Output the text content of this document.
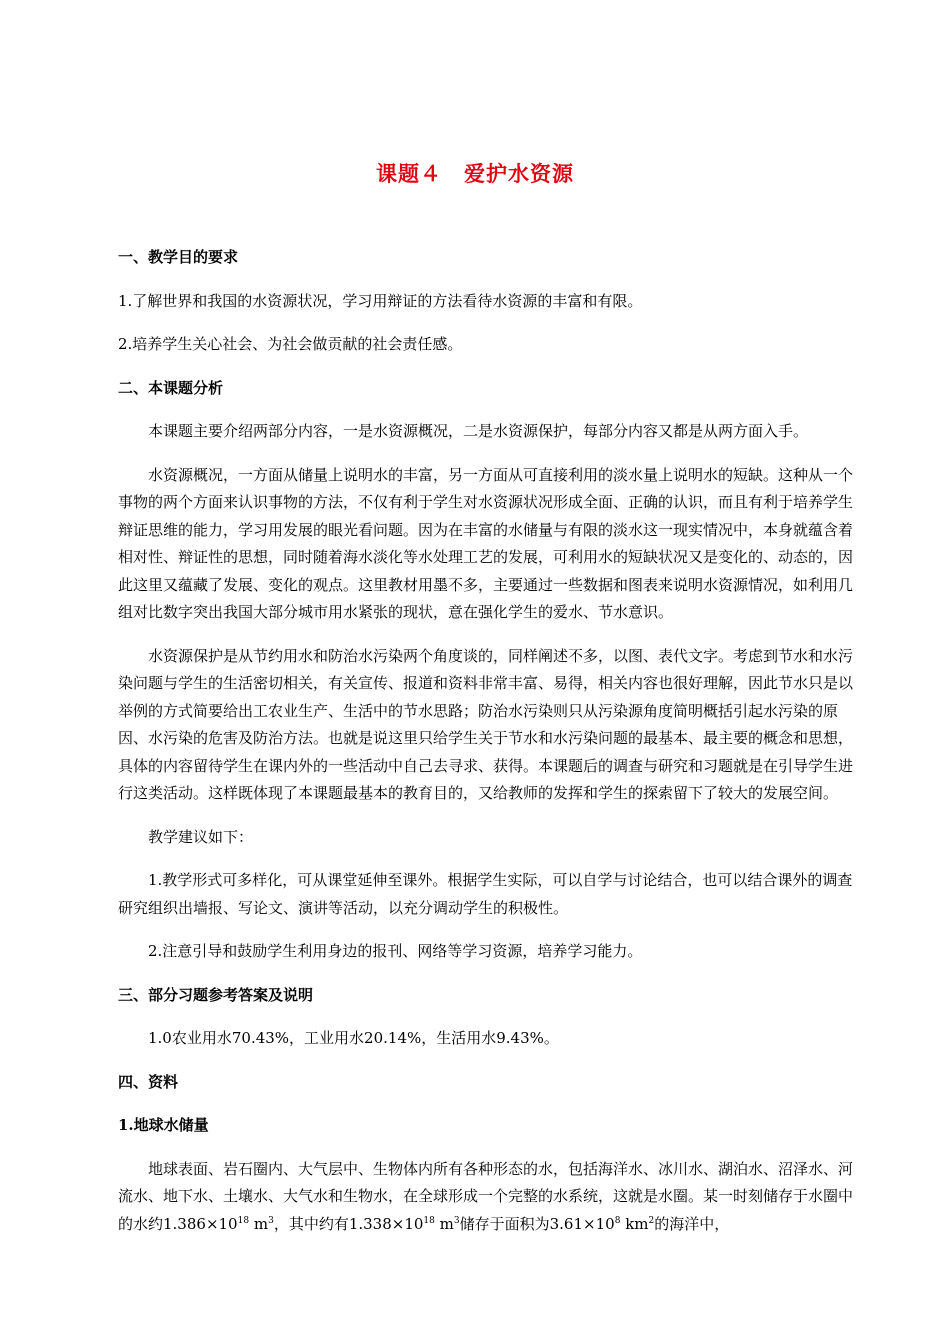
课题４　爱护水资源
一、教学目的要求
1.了解世界和我国的水资源状况，学习用辩证的方法看待水资源的丰富和有限。
2.培养学生关心社会、为社会做贡献的社会责任感。
二、本课题分析
本课题主要介绍两部分内容，一是水资源概况，二是水资源保护，每部分内容又都是从两方面入手。
水资源概况，一方面从储量上说明水的丰富，另一方面从可直接利用的淡水量上说明水的短缺。这种从一个事物的两个方面来认识事物的方法，不仅有利于学生对水资源状况形成全面、正确的认识，而且有利于培养学生辩证思维的能力，学习用发展的眼光看问题。因为在丰富的水储量与有限的淡水这一现实情况中，本身就蕴含着相对性、辩证性的思想，同时随着海水淡化等水处理工艺的发展，可利用水的短缺状况又是变化的、动态的，因此这里又蕴藏了发展、变化的观点。这里教材用墨不多，主要通过一些数据和图表来说明水资源情况，如利用几组对比数字突出我国大部分城市用水紧张的现状，意在强化学生的爱水、节水意识。
水资源保护是从节约用水和防治水污染两个角度谈的，同样阐述不多，以图、表代文字。考虑到节水和水污染问题与学生的生活密切相关，有关宣传、报道和资料非常丰富、易得，相关内容也很好理解，因此节水只是以举例的方式简要给出工农业生产、生活中的节水思路；防治水污染则只从污染源角度简明概括引起水污染的原因、水污染的危害及防治方法。也就是说这里只给学生关于节水和水污染问题的最基本、最主要的概念和思想，具体的内容留待学生在课内外的一些活动中自己去寻求、获得。本课题后的调查与研究和习题就是在引导学生进行这类活动。这样既体现了本课题最基本的教育目的，又给教师的发挥和学生的探索留下了较大的发展空间。
教学建议如下：
1.教学形式可多样化，可从课堂延伸至课外。根据学生实际，可以自学与讨论结合，也可以结合课外的调查研究组织出墙报、写论文、演讲等活动，以充分调动学生的积极性。
2.注意引导和鼓励学生利用身边的报刊、网络等学习资源，培养学习能力。
三、部分习题参考答案及说明
1.0农业用水70.43%，工业用水20.14%，生活用水9.43%。
四、资料
1.地球水储量
地球表面、岩石圈内、大气层中、生物体内所有各种形态的水，包括海洋水、冰川水、湖泊水、沼泽水、河流水、地下水、土壤水、大气水和生物水，在全球形成一个完整的水系统，这就是水圈。某一时刻储存于水圈中的水约$1.386\times 10^{18}$ $m^3$，其中约有$1.338\times 10^{18}$ $m^3$储存于面积为$3.61\times 10^8$ $km^2$的海洋中，
